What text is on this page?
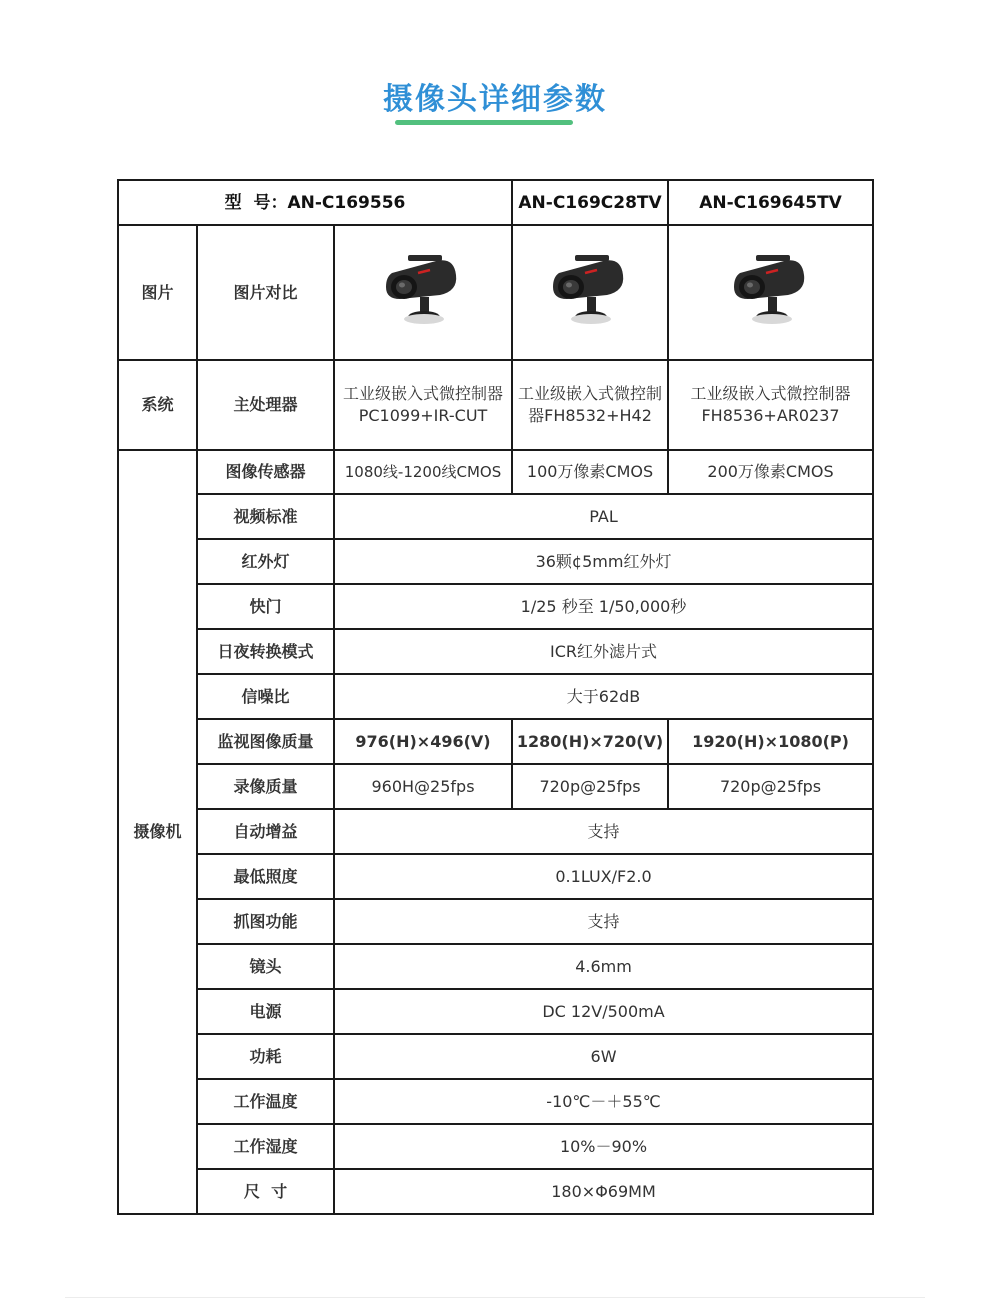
摄像头详细参数
型  号：AN-C169556			AN-C169C28TV	AN-C169645TV
图片	图片对比	

系统	主处理器	工业级嵌入式微控制器PC1099+IR-CUT	工业级嵌入式微控制器FH8532+H42	工业级嵌入式微控制器FH8536+AR0237
摄像机	图像传感器	1080线-1200线CMOS	100万像素CMOS	200万像素CMOS
	视频标准	PAL		
	红外灯	36颗¢5mm红外灯		
	快门	1/25 秒至 1/50,000秒		
	日夜转换模式	ICR红外滤片式		
	信噪比	大于62dB		
	监视图像质量	976(H)×496(V)	1280(H)×720(V)	1920(H)×1080(P)
	录像质量	960H@25fps	720p@25fps	720p@25fps
	自动增益	支持		
	最低照度	0.1LUX/F2.0		
	抓图功能	支持		
	镜头	4.6mm		
	电源	DC 12V/500mA		
	功耗	6W		
	工作温度	-10℃－＋55℃		
	工作湿度	10%－90%		
	尺  寸	180×Φ69MM		
